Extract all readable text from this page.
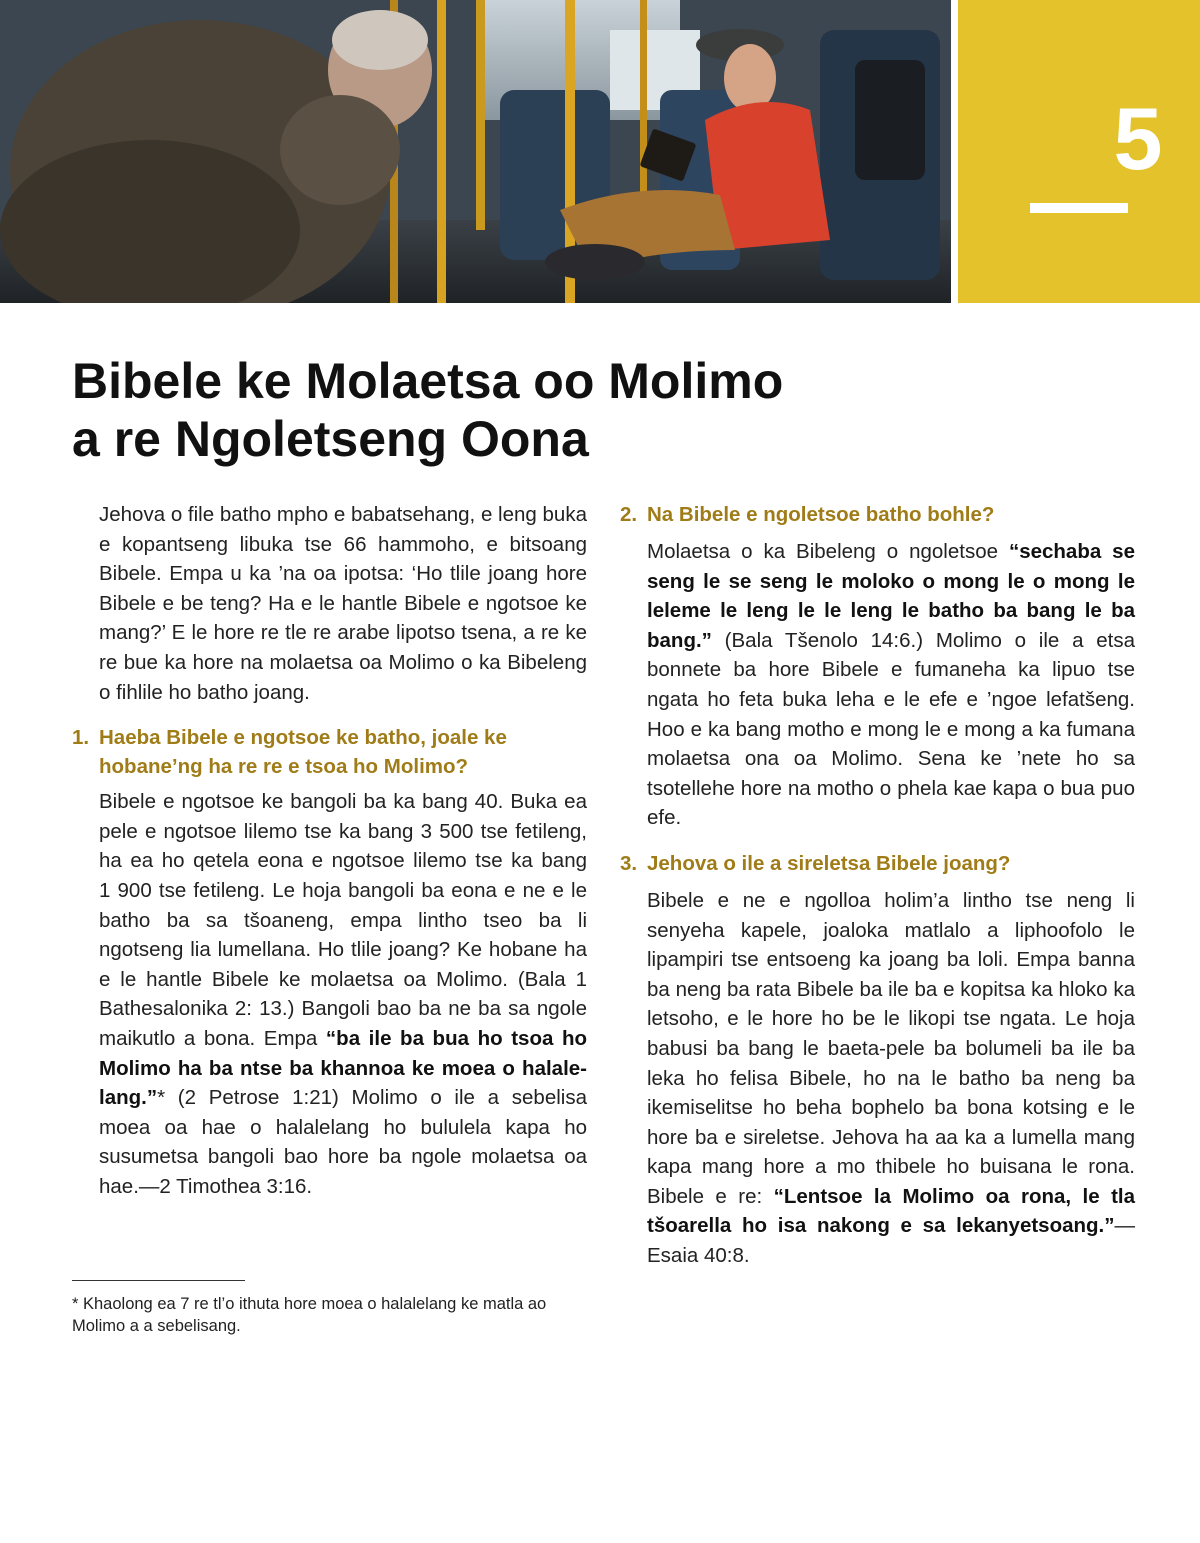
5
Bibele ke Molaetsa oo Molimo
a re Ngoletseng Oona

Jehova o file batho mpho e babatsehang, e leng buka e kopantseng libuka tse 66 hammoho, e bitsoang Bibele. Empa u ka ’na oa ipotsa: ‘Ho tlile joang hore Bibele e be teng? Ha e le hantle Bibele e ngotsoe ke mang?’ E le hore re tle re arabe lipotso tsena, a re ke re bue ka hore na molaetsa oa Molimo o ka Bibeleng o fihlile ho batho joang.

1. Haeba Bibele e ngotsoe ke batho, joale ke hobane’ng ha re re e tsoa ho Molimo?

Bibele e ngotsoe ke bangoli ba ka bang 40. Buka ea pele e ngotsoe lilemo tse ka bang 3 500 tse fetileng, ha ea ho qetela eona e ngotsoe lilemo tse ka bang 1 900 tse fetileng. Le hoja bangoli ba eona e ne e le batho ba sa tšoaneng, empa lintho tseo ba li ngotseng lia lumellana. Ho tlile joang? Ke hobane ha e le hantle Bibele ke molaetsa oa Molimo. (Bala 1 Bathesalonika 2: 13.) Bangoli bao ba ne ba sa ngole maikutlo a bona. Empa “ba ile ba bua ho tsoa ho Molimo ha ba ntse ba khannoa ke moea o halalelang.”* (2 Petrose 1:21) Molimo o ile a sebelisa moea oa hae o halalelang ho bululela kapa ho susumetsa bangoli bao hore ba ngole molaetsa oa hae.—2 Timothea 3:16.

* Khaolong ea 7 re tl’o ithuta hore moea o halalelang ke matla ao Molimo a a sebelisang.

2. Na Bibele e ngoletsoe batho bohle?

Molaetsa o ka Bibeleng o ngoletsoe “sechaba se seng le se seng le moloko o mong le o mong le leleme le leng le le leng le batho ba bang le ba bang.” (Bala Tšenolo 14:6.) Molimo o ile a etsa bonnete ba hore Bibele e fumaneha ka lipuo tse ngata ho feta buka leha e le efe e ’ngoe lefatšeng. Hoo e ka bang motho e mong le e mong a ka fumana molaetsa ona oa Molimo. Sena ke ’nete ho sa tsotellehe hore na motho o phela kae kapa o bua puo efe.

3. Jehova o ile a sireletsa Bibele joang?

Bibele e ne e ngolloa holim’a lintho tse neng li senyeha kapele, joaloka matlalo a liphoofolo le lipampiri tse entsoeng ka joang ba loli. Empa banna ba neng ba rata Bibele ba ile ba e kopitsa ka hloko ka letsoho, e le hore ho be le likopi tse ngata. Le hoja babusi ba bang le baeta-pele ba bolumeli ba ile ba leka ho felisa Bibele, ho na le batho ba neng ba ikemiselitse ho beha bophelo ba bona kotsing e le hore ba e sireletse. Jehova ha aa ka a lumella mang kapa mang hore a mo thibele ho buisana le rona. Bibele e re: “Lentsoe la Molimo oa rona, le tla tšoarella ho isa nakong e sa lekanyetsoang.”—Esaia 40:8.
